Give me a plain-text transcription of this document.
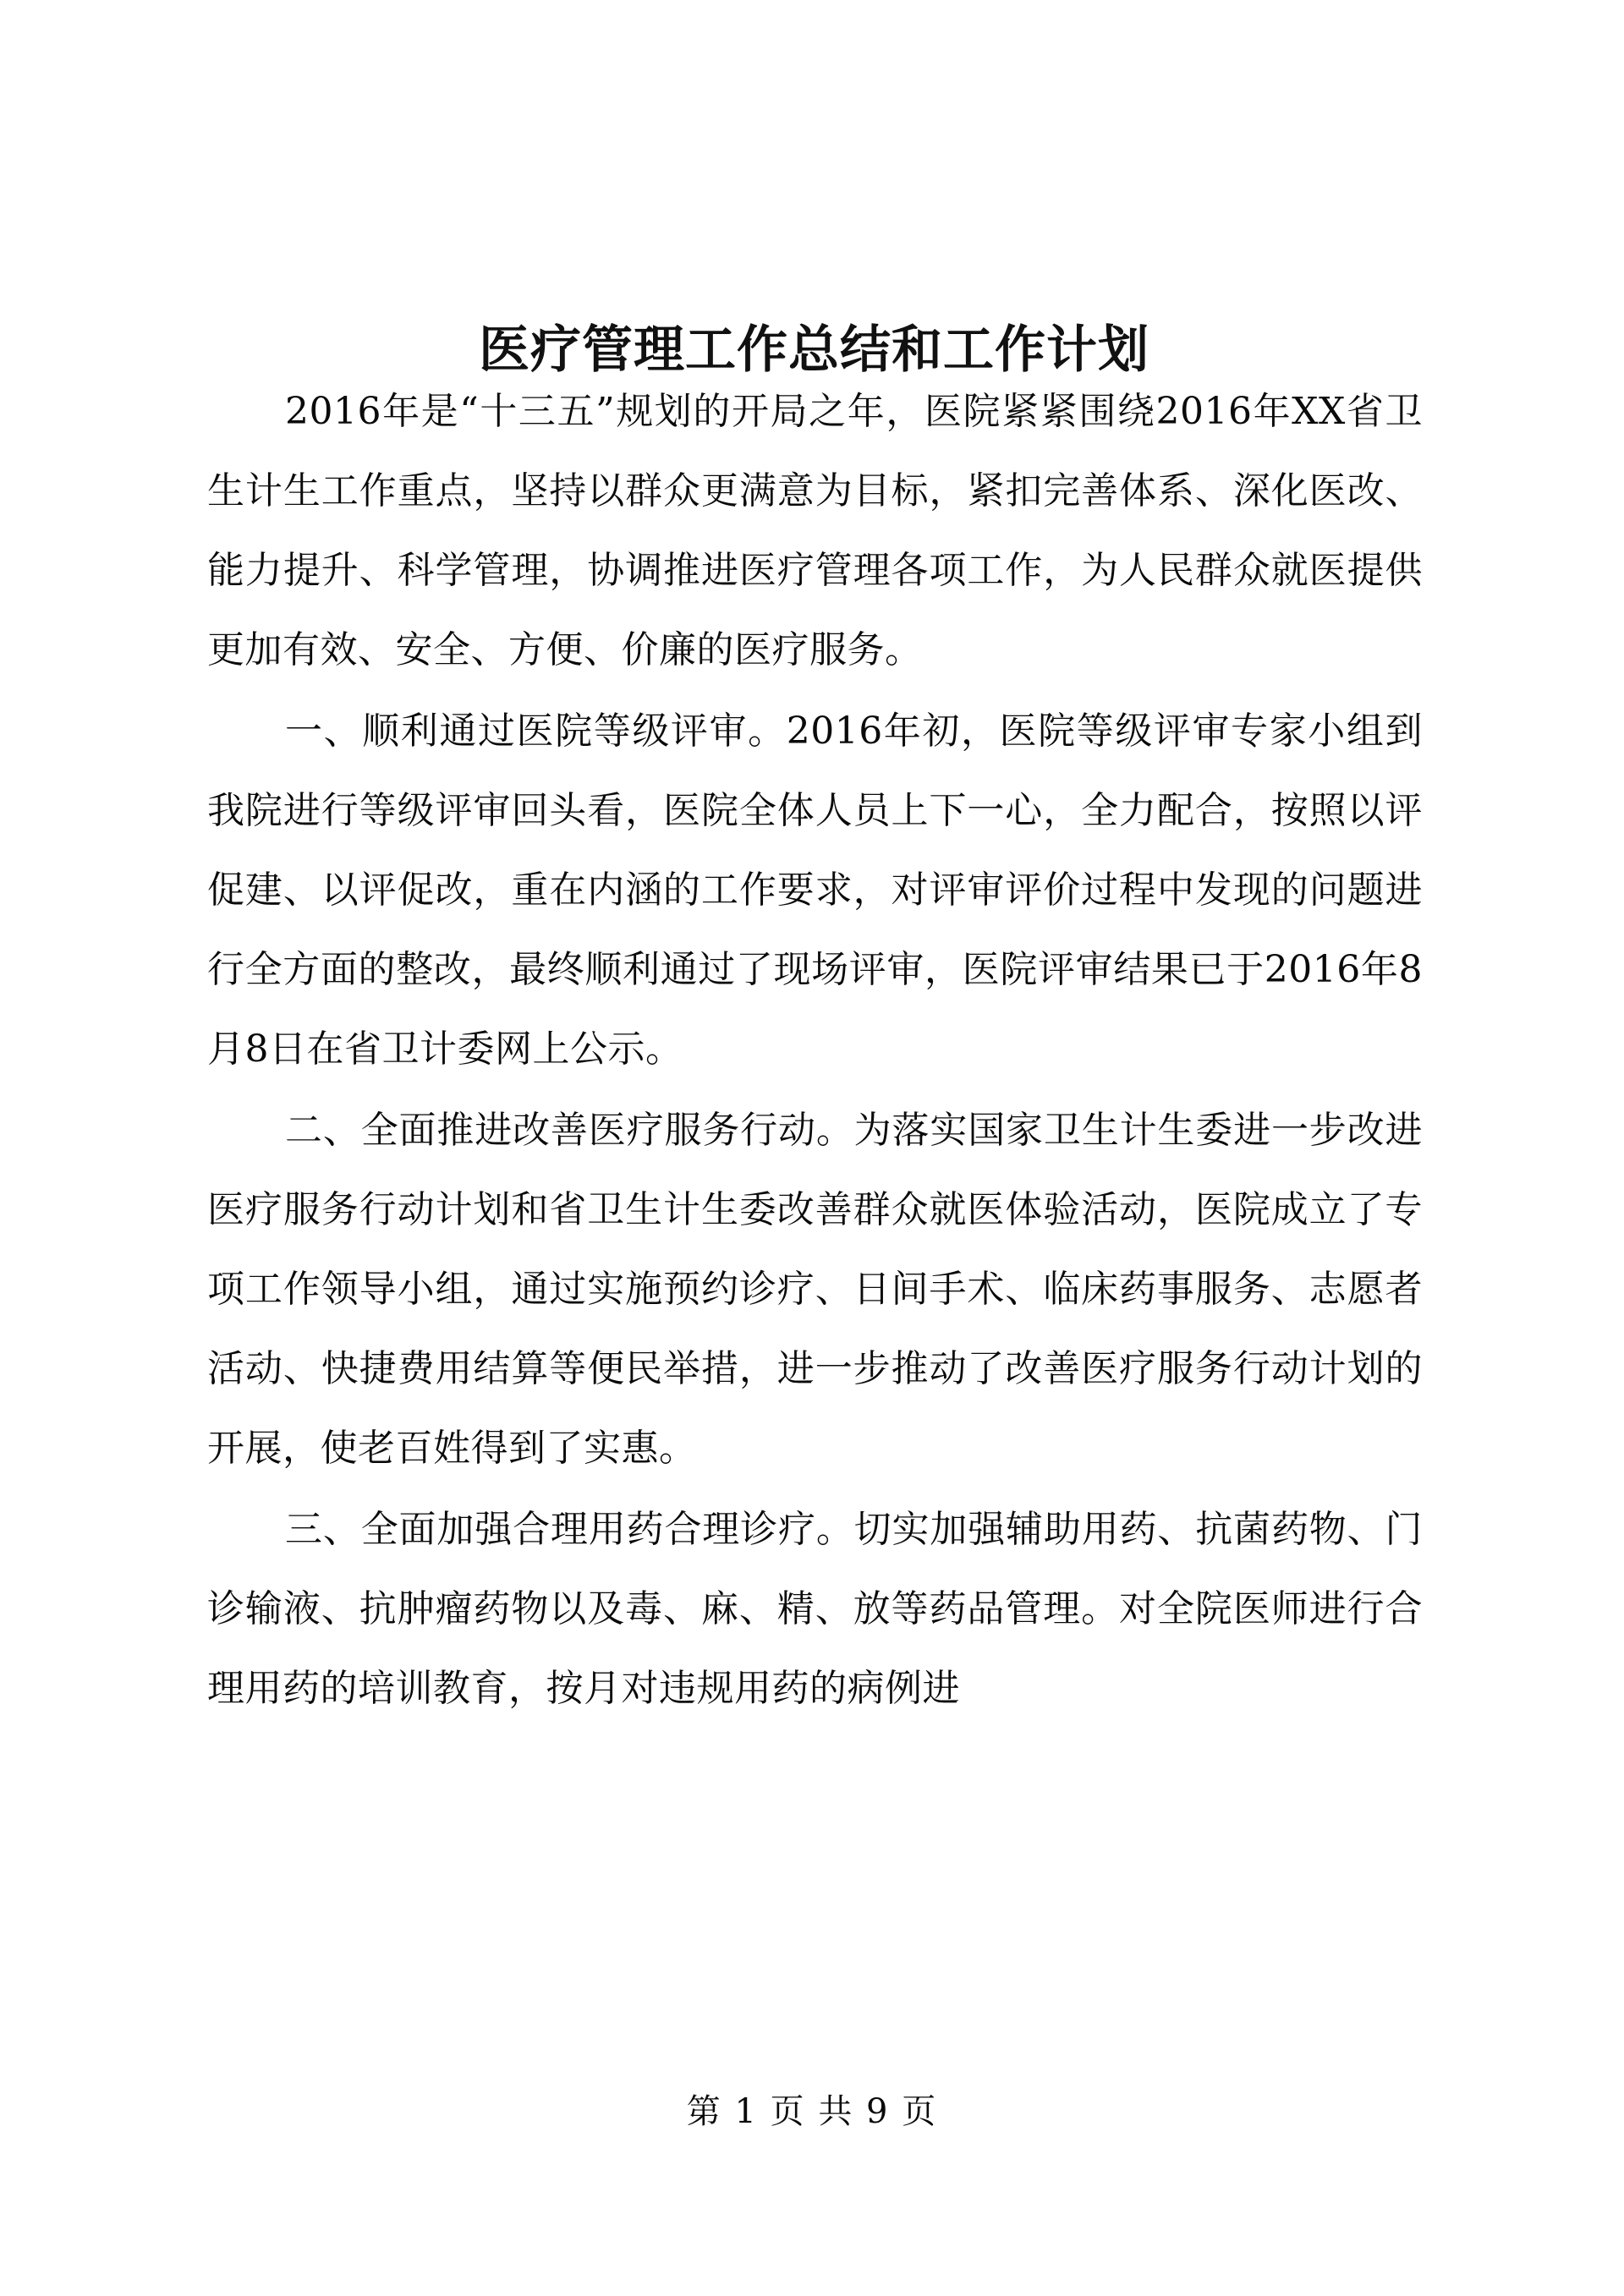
医疗管理工作总结和工作计划

2016年是“十三五”规划的开局之年，医院紧紧围绕2016年XX省卫生计生工作重点，坚持以群众更满意为目标，紧扣完善体系、深化医改、能力提升、科学管理，协调推进医疗管理各项工作，为人民群众就医提供更加有效、安全、方便、价廉的医疗服务。

一、顺利通过医院等级评审。2016年初，医院等级评审专家小组到我院进行等级评审回头看，医院全体人员上下一心，全力配合，按照以评促建、以评促改，重在内涵的工作要求，对评审评价过程中发现的问题进行全方面的整改，最终顺利通过了现场评审，医院评审结果已于2016年8月8日在省卫计委网上公示。

二、全面推进改善医疗服务行动。为落实国家卫生计生委进一步改进医疗服务行动计划和省卫生计生委改善群众就医体验活动，医院成立了专项工作领导小组，通过实施预约诊疗、日间手术、临床药事服务、志愿者活动、快捷费用结算等便民举措，进一步推动了改善医疗服务行动计划的开展，使老百姓得到了实惠。

三、全面加强合理用药合理诊疗。切实加强辅助用药、抗菌药物、门诊输液、抗肿瘤药物以及毒、麻、精、放等药品管理。对全院医师进行合理用药的培训教育，按月对违规用药的病例进

第 1 页 共 9 页
